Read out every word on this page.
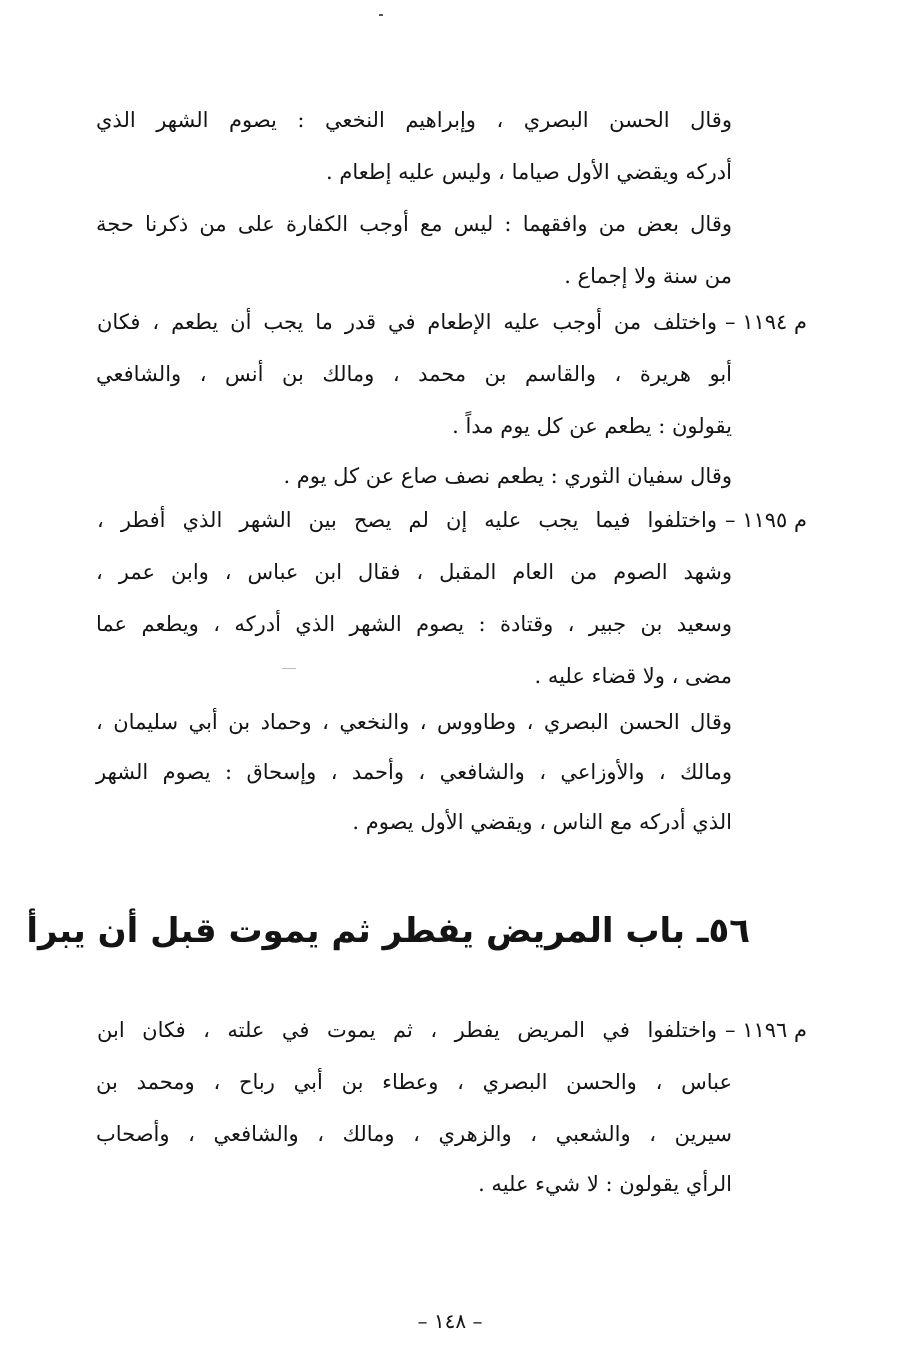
وقال الحسن البصري ، وإبراهيم النخعي : يصوم الشهر الذي
أدركه ويقضي الأول صياما ، وليس عليه إطعام .
وقال بعض من وافقهما : ليس مع أوجب الكفارة على من ذكرنا حجة
من سنة ولا إجماع .
م ١١٩٤ –
واختلف من أوجب عليه الإطعام في قدر ما يجب أن يطعم ، فكان
أبو هريرة ، والقاسم بن محمد ، ومالك بن أنس ، والشافعي
يقولون : يطعم عن كل يوم مداً .
وقال سفيان الثوري : يطعم نصف صاع عن كل يوم .
م ١١٩٥ –
واختلفوا فيما يجب عليه إن لم يصح بين الشهر الذي أفطر ،
وشهد الصوم من العام المقبل ، فقال ابن عباس ، وابن عمر ،
وسعيد بن جبير ، وقتادة : يصوم الشهر الذي أدركه ، ويطعم عما
مضى ، ولا قضاء عليه .
وقال الحسن البصري ، وطاووس ، والنخعي ، وحماد بن أبي سليمان ،
ومالك ، والأوزاعي ، والشافعي ، وأحمد ، وإسحاق : يصوم الشهر
الذي أدركه مع الناس ، ويقضي الأول يصوم .
٥٦ـ باب المريض يفطر ثم يموت قبل أن يبرأ
م ١١٩٦ –
واختلفوا في المريض يفطر ، ثم يموت في علته ، فكان ابن
عباس ، والحسن البصري ، وعطاء بن أبي رباح ، ومحمد بن
سيرين ، والشعبي ، والزهري ، ومالك ، والشافعي ، وأصحاب
الرأي يقولون : لا شيء عليه .
– ١٤٨ –
